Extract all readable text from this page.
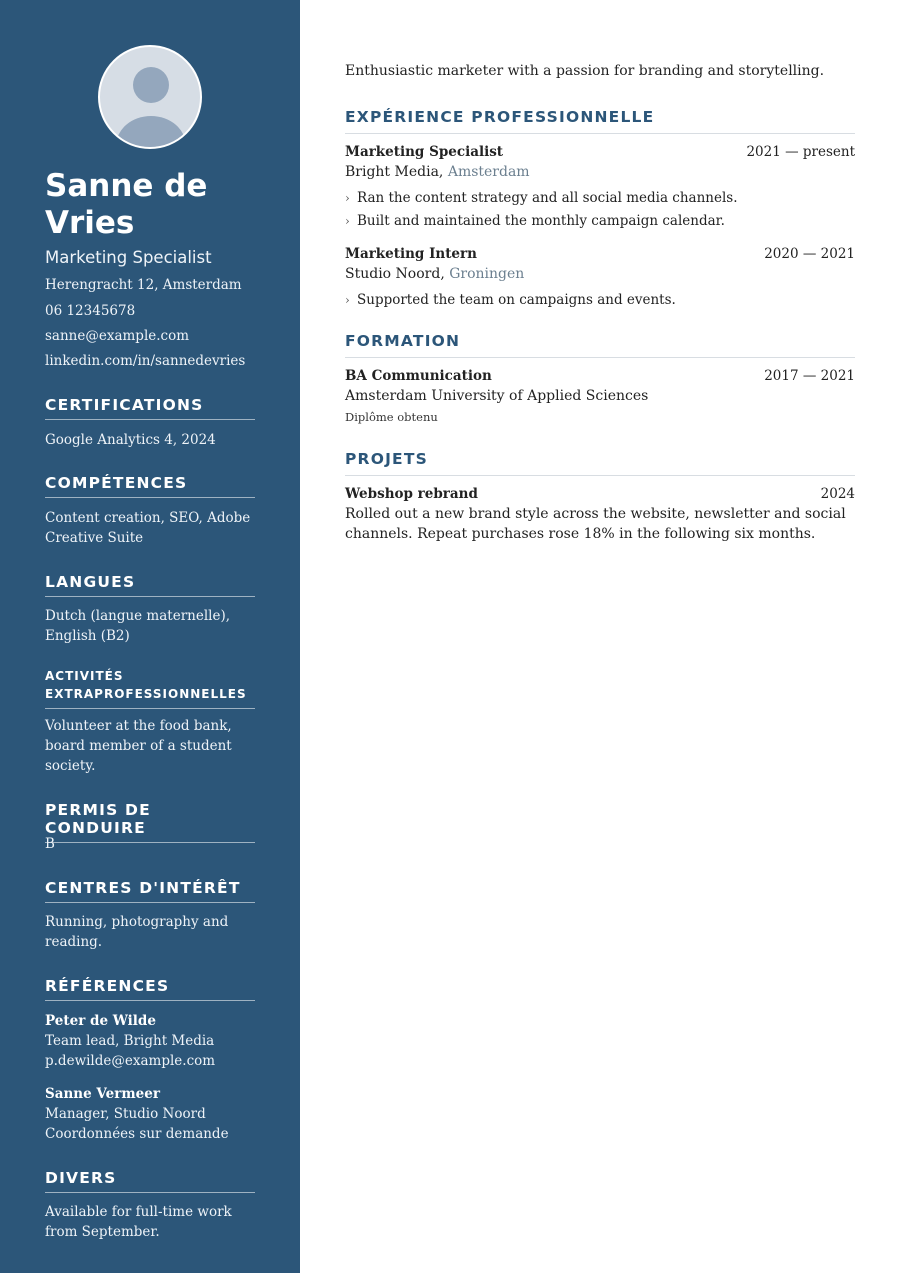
Sanne de Vries
Marketing Specialist
Herengracht 12, Amsterdam
06 12345678
sanne@example.com
linkedin.com/in/sannedevries
CERTIFICATIONS
Google Analytics 4, 2024
COMPÉTENCES
Content creation, SEO, Adobe Creative Suite
LANGUES
Dutch (langue maternelle), English (B2)
ACTIVITÉS
EXTRAPROFESSIONNELLES
Volunteer at the food bank, board member of a student society.
PERMIS DE CONDUIRE
B
CENTRES D'INTÉRÊT
Running, photography and reading.
RÉFÉRENCES
Peter de Wilde
Team lead, Bright Media
p.dewilde@example.com
Sanne Vermeer
Manager, Studio Noord
Coordonnées sur demande
DIVERS
Available for full-time work from September.

Enthusiastic marketer with a passion for branding and storytelling.

EXPÉRIENCE PROFESSIONNELLE
Marketing Specialist	2021 — present
Bright Media, Amsterdam
› Ran the content strategy and all social media channels.
› Built and maintained the monthly campaign calendar.
Marketing Intern	2020 — 2021
Studio Noord, Groningen
› Supported the team on campaigns and events.
FORMATION
BA Communication	2017 — 2021
Amsterdam University of Applied Sciences
Diplôme obtenu
PROJETS
Webshop rebrand	2024
Rolled out a new brand style across the website, newsletter and social channels. Repeat purchases rose 18% in the following six months.
